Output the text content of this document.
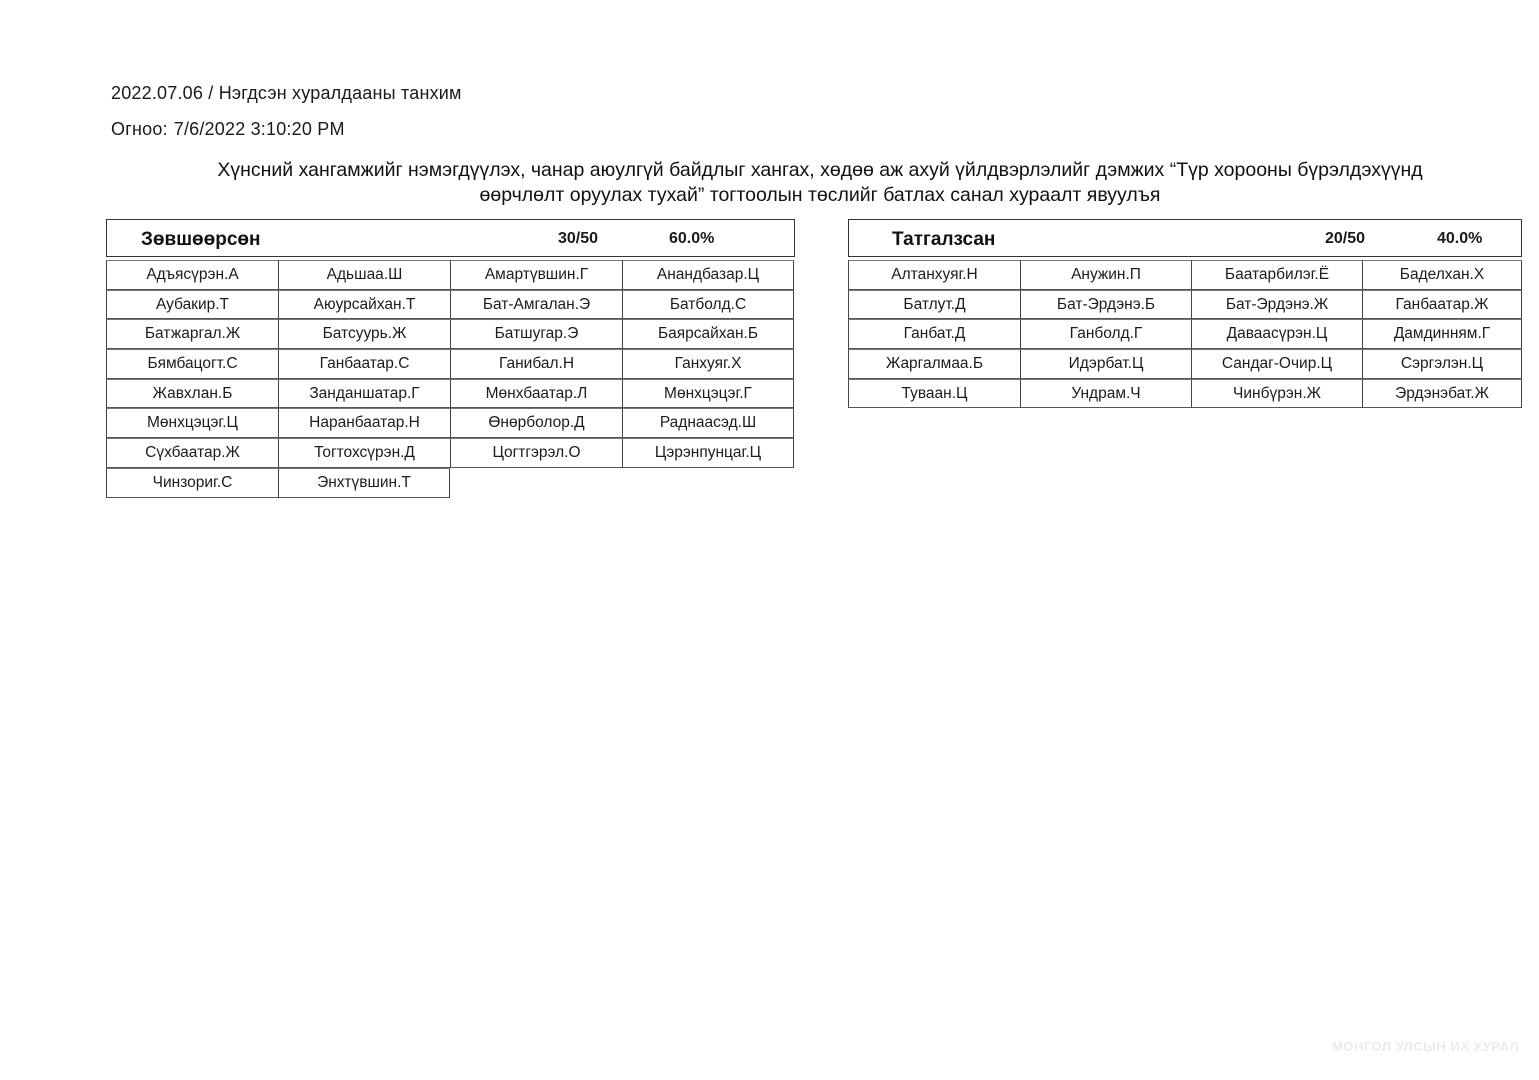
2022.07.06 / Нэгдсэн хуралдааны танхим
Огноо: 7/6/2022 3:10:20 PM
Хүнсний хангамжийг нэмэгдүүлэх, чанар аюулгүй байдлыг хангах, хөдөө аж ахуй үйлдвэрлэлийг дэмжих “Түр хорооны бүрэлдэхүүнд
өөрчлөлт оруулах тухай” тогтоолын төслийг батлах санал хураалт явуулъя
Зөвшөөрсөн	30/50	60.0%
Адъясүрэн.А	Адьшаа.Ш	Амартүвшин.Г	Анандбазар.Ц
Аубакир.Т	Аюурсайхан.Т	Бат-Амгалан.Э	Батболд.С
Батжаргал.Ж	Батсуурь.Ж	Батшугар.Э	Баярсайхан.Б
Бямбацогт.С	Ганбаатар.С	Ганибал.Н	Ганхуяг.Х
Жавхлан.Б	Занданшатар.Г	Мөнхбаатар.Л	Мөнхцэцэг.Г
Мөнхцэцэг.Ц	Наранбаатар.Н	Өнөрболор.Д	Раднаасэд.Ш
Сүхбаатар.Ж	Тогтохсүрэн.Д	Цогтгэрэл.О	Цэрэнпунцаг.Ц
Чинзориг.С	Энхтүвшин.Т
Татгалзсан	20/50	40.0%
Алтанхуяг.Н	Анужин.П	Баатарбилэг.Ё	Баделхан.Х
Батлут.Д	Бат-Эрдэнэ.Б	Бат-Эрдэнэ.Ж	Ганбаатар.Ж
Ганбат.Д	Ганболд.Г	Даваасүрэн.Ц	Дамдинням.Г
Жаргалмаа.Б	Идэрбат.Ц	Сандаг-Очир.Ц	Сэргэлэн.Ц
Туваан.Ц	Ундрам.Ч	Чинбүрэн.Ж	Эрдэнэбат.Ж
МОНГОЛ УЛСЫН ИХ ХУРАЛ
